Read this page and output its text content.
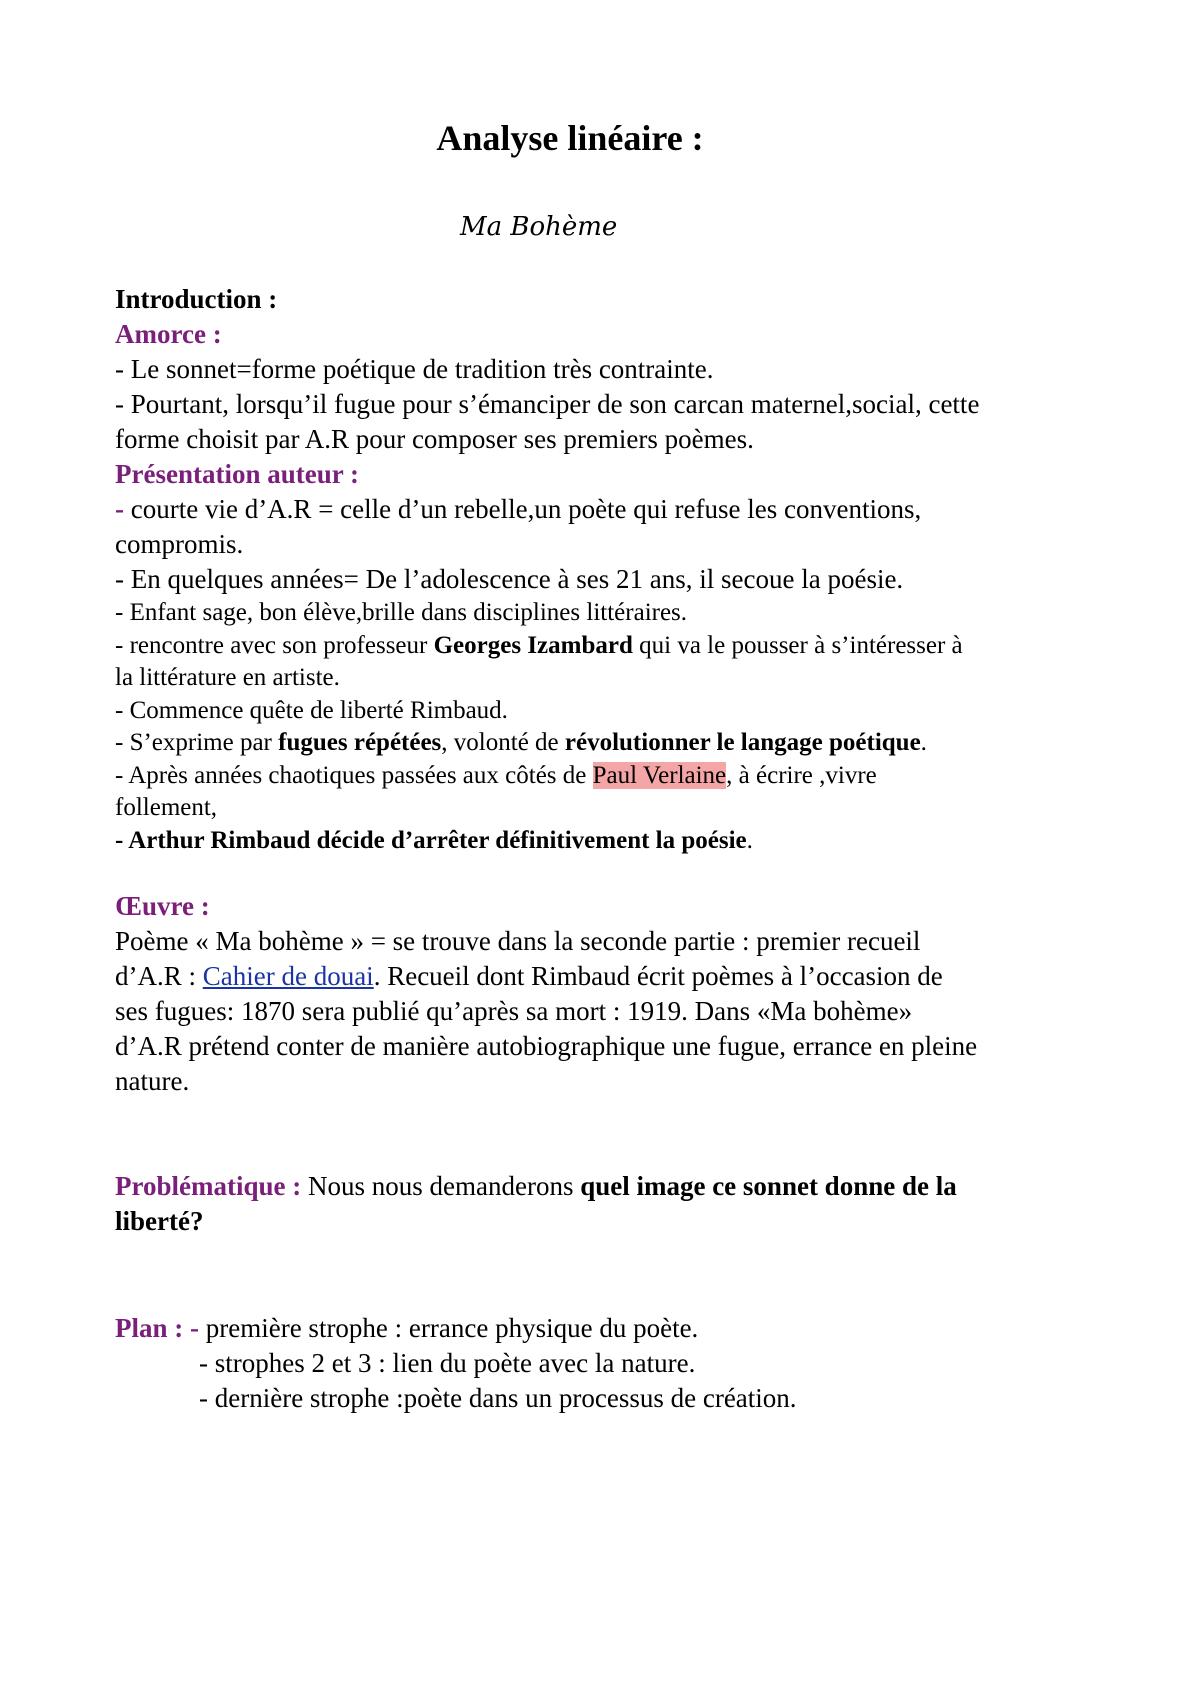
Analyse linéaire :
Ma Bohème
Introduction :
Amorce :
- Le sonnet=forme poétique de tradition très contrainte.
- Pourtant, lorsqu’il fugue pour s’émanciper de son carcan maternel,social, cette
forme choisit par A.R pour composer ses premiers poèmes.
Présentation auteur :
- courte vie d’A.R = celle d’un rebelle,un poète qui refuse les conventions,
compromis.
- En quelques années= De l’adolescence à ses 21 ans, il secoue la poésie.
- Enfant sage, bon élève,brille dans disciplines littéraires.
- rencontre avec son professeur Georges Izambard qui va le pousser à s’intéresser à
la littérature en artiste.
- Commence quête de liberté Rimbaud.
- S’exprime par fugues répétées, volonté de révolutionner le langage poétique.
- Après années chaotiques passées aux côtés de Paul Verlaine, à écrire ,vivre
follement,
- Arthur Rimbaud décide d’arrêter définitivement la poésie.
Œuvre :
Poème « Ma bohème » = se trouve dans la seconde partie : premier recueil
d’A.R : Cahier de douai. Recueil dont Rimbaud écrit poèmes à l’occasion de
ses fugues: 1870 sera publié qu’après sa mort : 1919. Dans «Ma bohème»
d’A.R prétend conter de manière autobiographique une fugue, errance en pleine
nature.
Problématique : Nous nous demanderons quel image ce sonnet donne de la
liberté?
Plan : - première strophe : errance physique du poète.
- strophes 2 et 3 : lien du poète avec la nature.
- dernière strophe :poète dans un processus de création.
